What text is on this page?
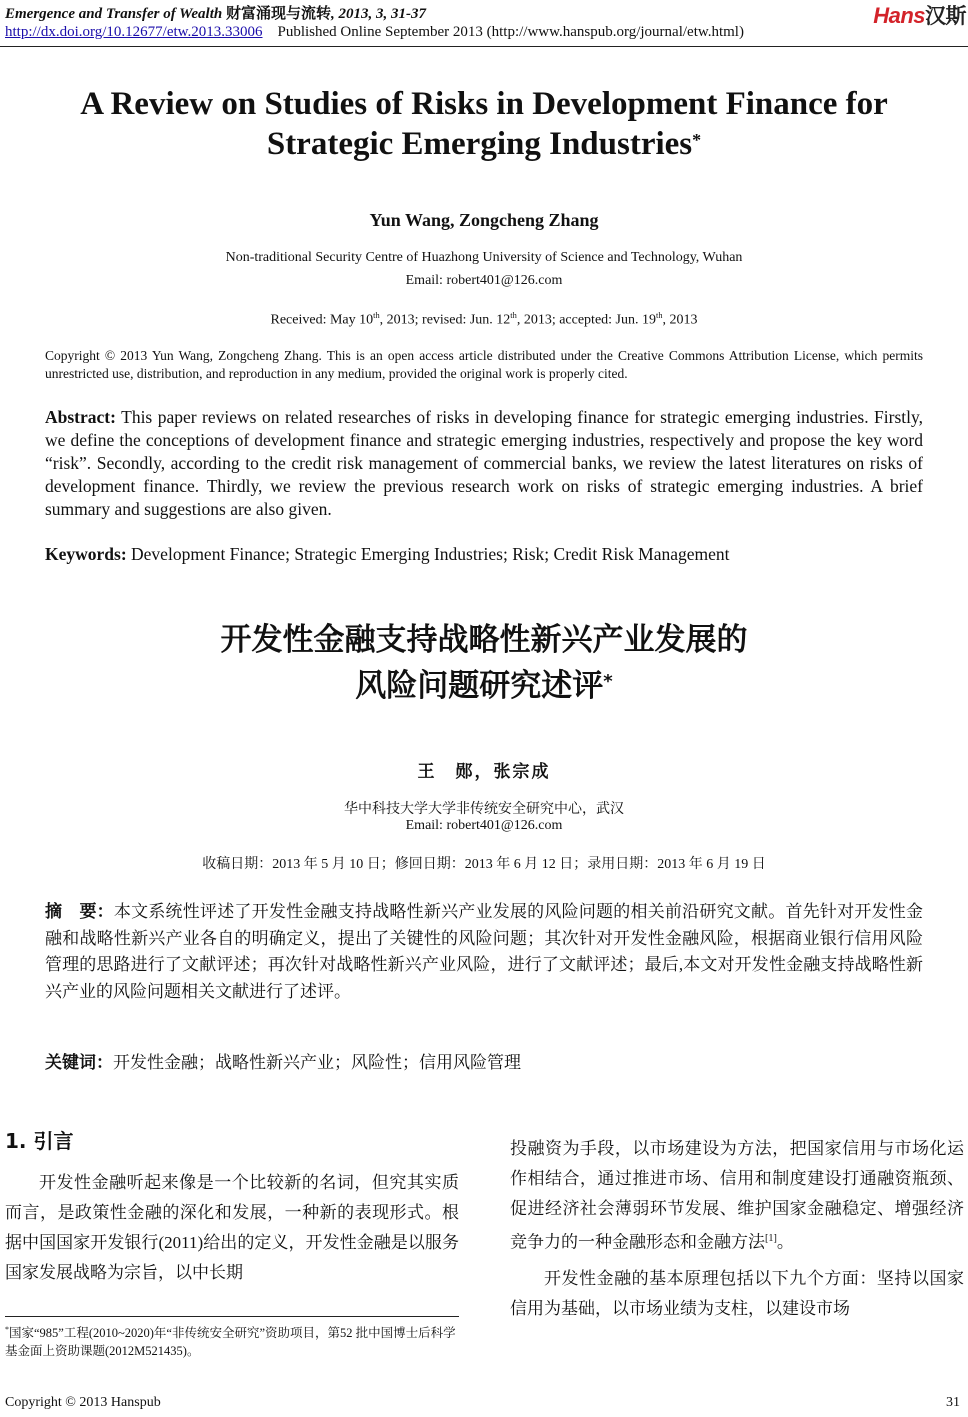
Emergence and Transfer of Wealth 财富涌现与流转, 2013, 3, 31-37
http://dx.doi.org/10.12677/etw.2013.33006 Published Online September 2013 (http://www.hanspub.org/journal/etw.html)
Hans汉斯
A Review on Studies of Risks in Development Finance for Strategic Emerging Industries*
Yun Wang, Zongcheng Zhang
Non-traditional Security Centre of Huazhong University of Science and Technology, Wuhan
Email: robert401@126.com
Received: May 10th, 2013; revised: Jun. 12th, 2013; accepted: Jun. 19th, 2013
Copyright © 2013 Yun Wang, Zongcheng Zhang. This is an open access article distributed under the Creative Commons Attribution License, which permits unrestricted use, distribution, and reproduction in any medium, provided the original work is properly cited.
Abstract: This paper reviews on related researches of risks in developing finance for strategic emerging industries. Firstly, we define the conceptions of development finance and strategic emerging industries, respectively and propose the key word “risk”. Secondly, according to the credit risk management of commercial banks, we review the latest literatures on risks of development finance. Thirdly, we review the previous research work on risks of strategic emerging industries. A brief summary and suggestions are also given.
Keywords: Development Finance; Strategic Emerging Industries; Risk; Credit Risk Management
开发性金融支持战略性新兴产业发展的
风险问题研究述评*
王　郧，张宗成
华中科技大学大学非传统安全研究中心，武汉
Email: robert401@126.com
收稿日期：2013 年 5 月 10 日；修回日期：2013 年 6 月 12 日；录用日期：2013 年 6 月 19 日
摘　要：本文系统性评述了开发性金融支持战略性新兴产业发展的风险问题的相关前沿研究文献。首先针对开发性金融和战略性新兴产业各自的明确定义，提出了关键性的风险问题；其次针对开发性金融风险，根据商业银行信用风险管理的思路进行了文献评述；再次针对战略性新兴产业风险，进行了文献评述；最后,本文对开发性金融支持战略性新兴产业的风险问题相关文献进行了述评。
关键词：开发性金融；战略性新兴产业；风险性；信用风险管理
1. 引言

开发性金融听起来像是一个比较新的名词，但究其实质而言，是政策性金融的深化和发展，一种新的表现形式。根据中国国家开发银行(2011)给出的定义，开发性金融是以服务国家发展战略为宗旨，以中长期

投融资为手段，以市场建设为方法，把国家信用与市场化运作相结合，通过推进市场、信用和制度建设打通融资瓶颈、促进经济社会薄弱环节发展、维护国家金融稳定、增强经济竞争力的一种金融形态和金融方法[1]。

开发性金融的基本原理包括以下九个方面：坚持以国家信用为基础，以市场业绩为支柱，以建设市场

*国家“985”工程(2010~2020)年“非传统安全研究”资助项目，第52 批中国博士后科学基金面上资助课题(2012M521435)。
Copyright © 2013 Hanspub	31
